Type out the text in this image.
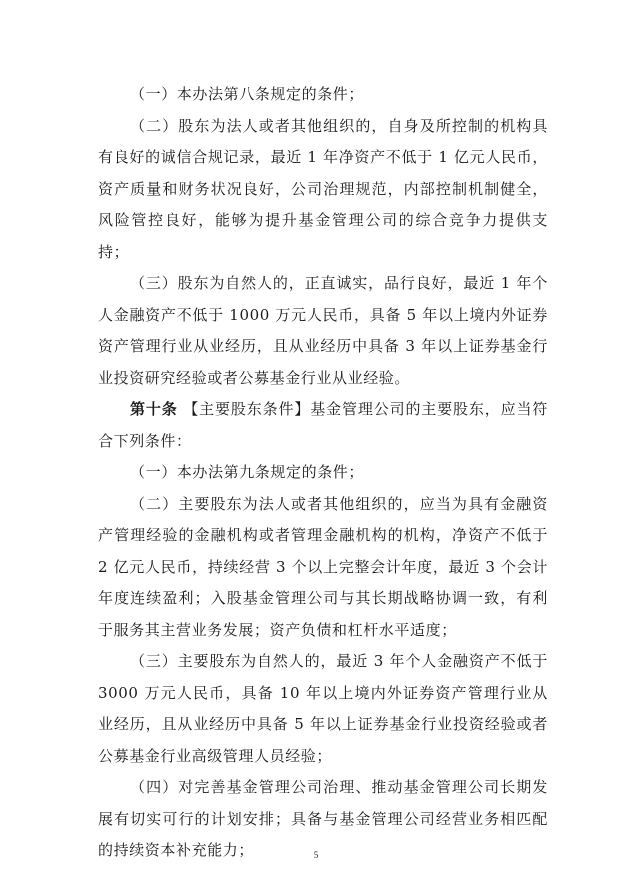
（一）本办法第八条规定的条件；

（二）股东为法人或者其他组织的，自身及所控制的机构具有良好的诚信合规记录，最近 1 年净资产不低于 1 亿元人民币，资产质量和财务状况良好，公司治理规范，内部控制机制健全，风险管控良好，能够为提升基金管理公司的综合竞争力提供支持；

（三）股东为自然人的，正直诚实，品行良好，最近 1 年个人金融资产不低于 1000 万元人民币，具备 5 年以上境内外证券资产管理行业从业经历，且从业经历中具备 3 年以上证券基金行业投资研究经验或者公募基金行业从业经验。

第十条 【主要股东条件】基金管理公司的主要股东，应当符合下列条件：

（一）本办法第九条规定的条件；

（二）主要股东为法人或者其他组织的，应当为具有金融资产管理经验的金融机构或者管理金融机构的机构，净资产不低于 2 亿元人民币，持续经营 3 个以上完整会计年度，最近 3 个会计年度连续盈利；入股基金管理公司与其长期战略协调一致，有利于服务其主营业务发展；资产负债和杠杆水平适度；

（三）主要股东为自然人的，最近 3 年个人金融资产不低于 3000 万元人民币，具备 10 年以上境内外证券资产管理行业从业经历，且从业经历中具备 5 年以上证券基金行业投资经验或者公募基金行业高级管理人员经验；

（四）对完善基金管理公司治理、推动基金管理公司长期发展有切实可行的计划安排；具备与基金管理公司经营业务相匹配的持续资本补充能力；	5
